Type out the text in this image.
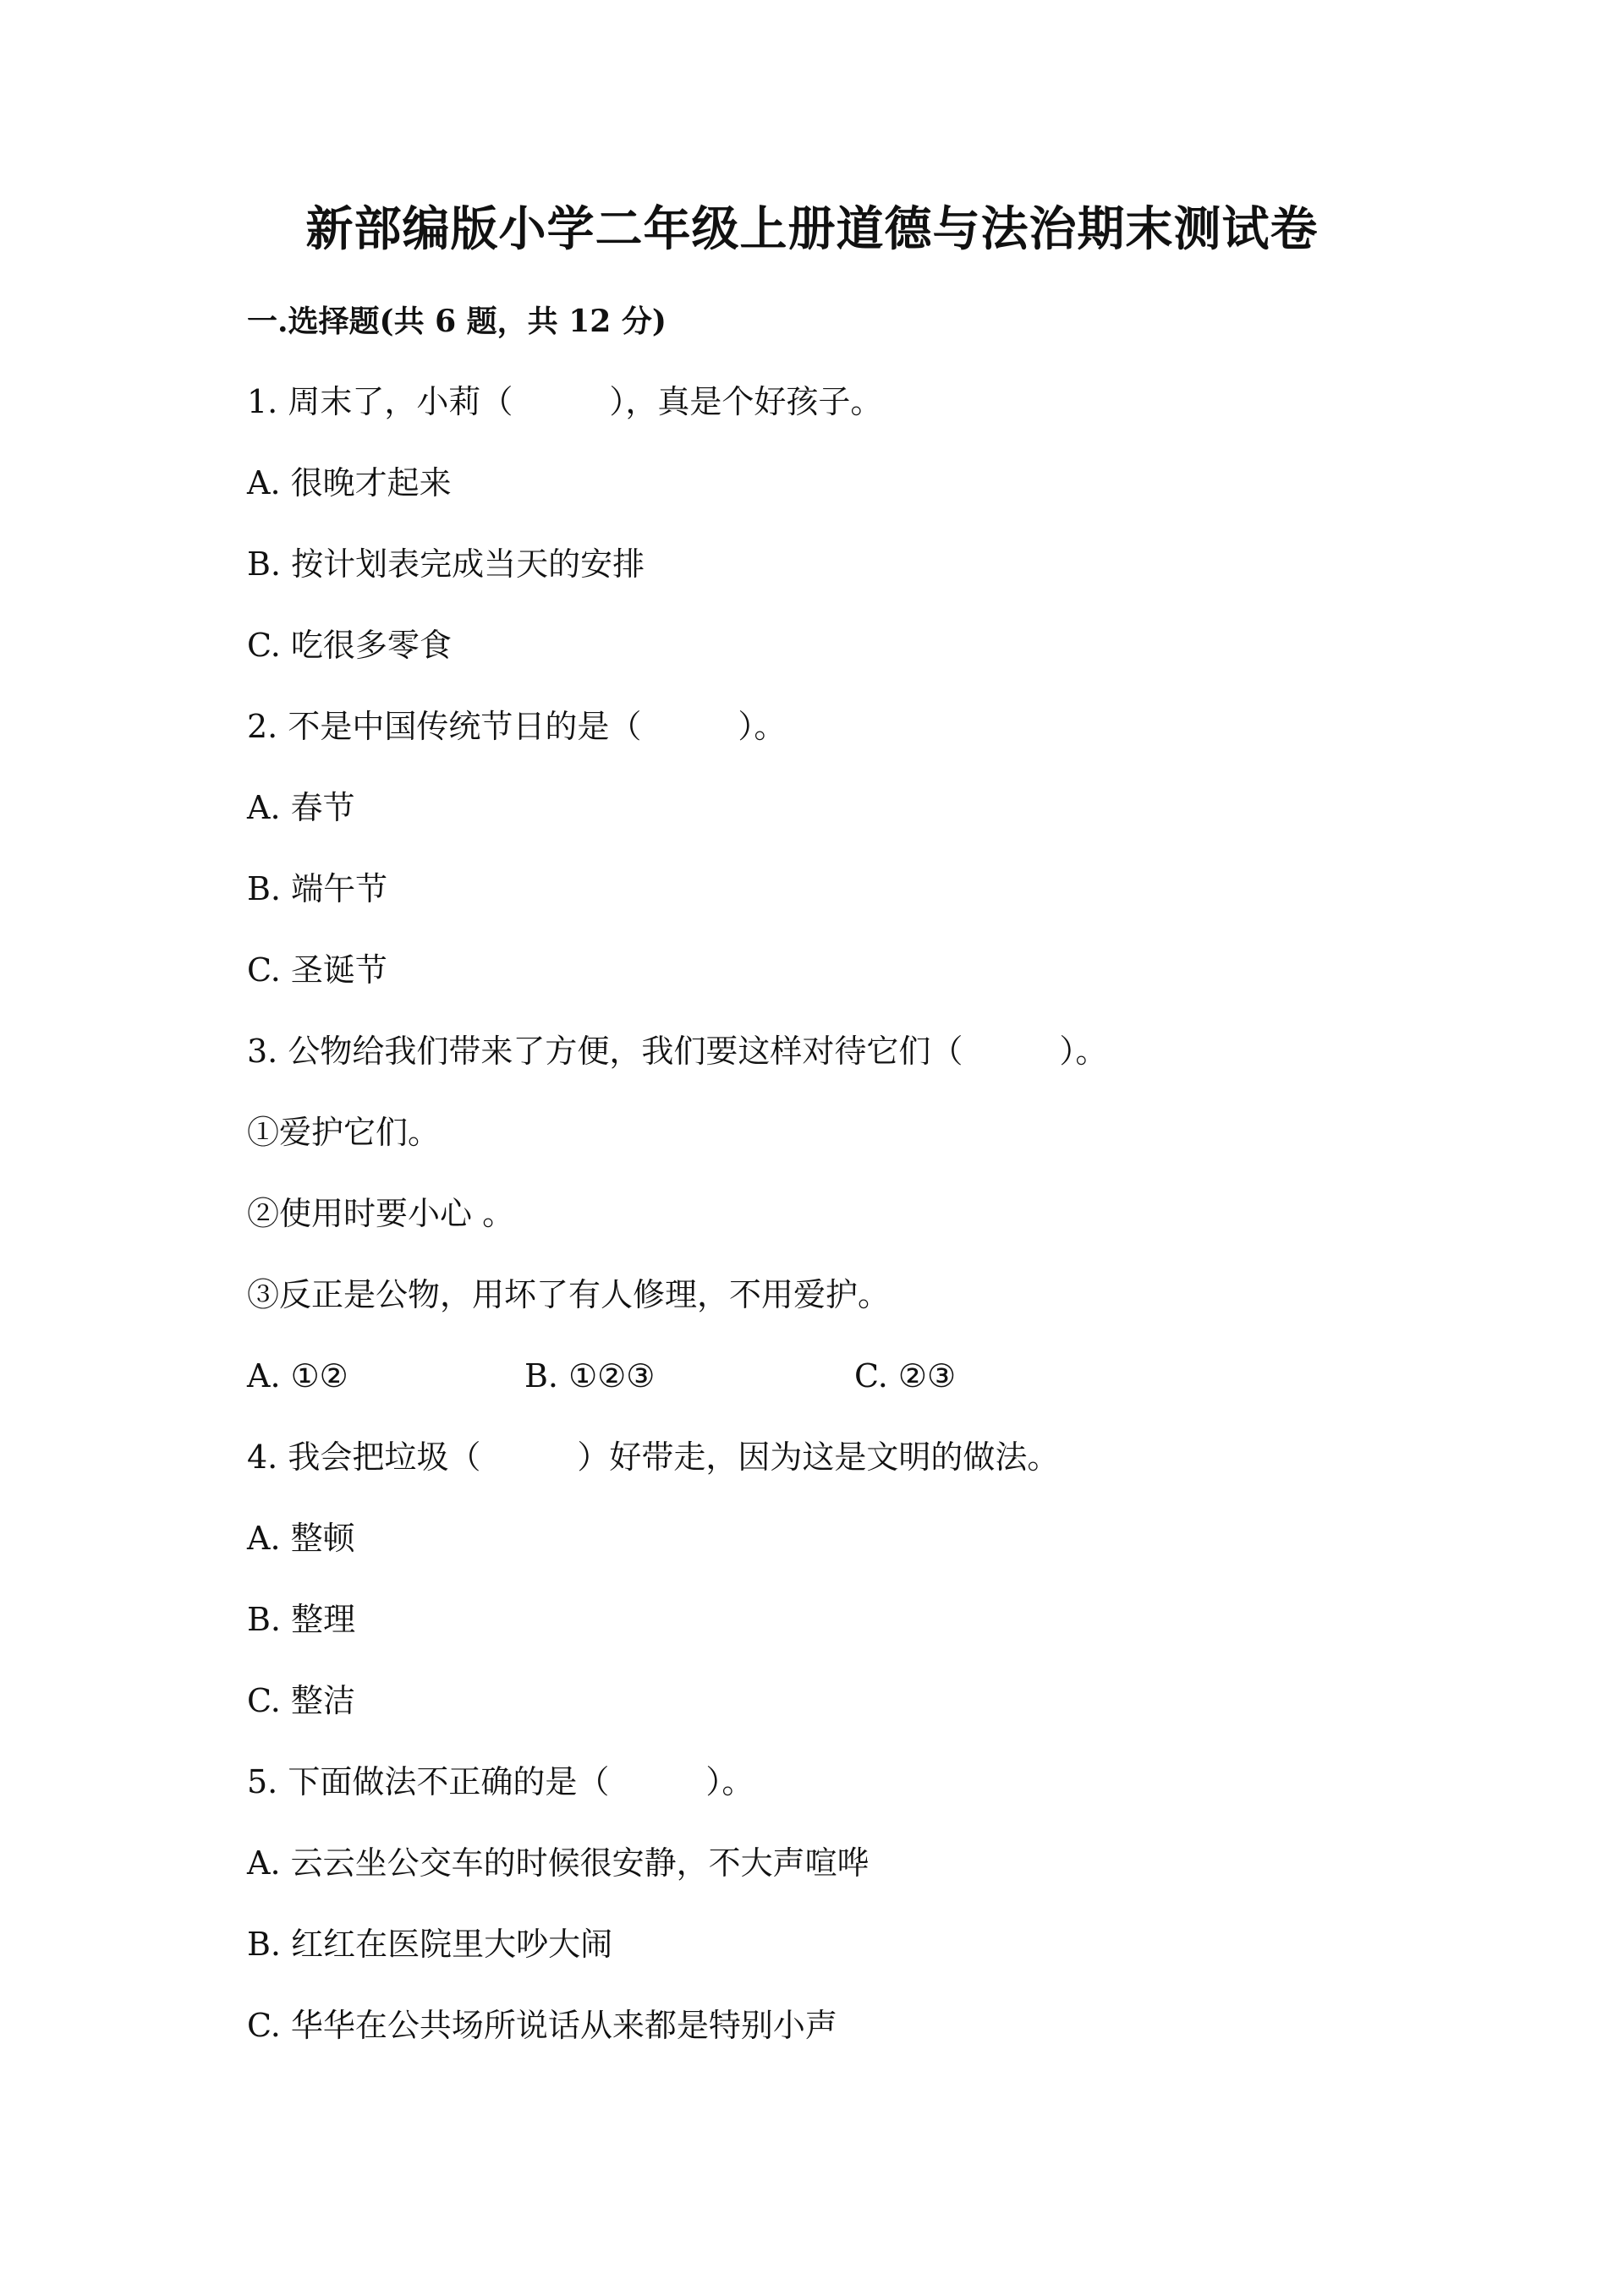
新部编版小学二年级上册道德与法治期末测试卷
一.选择题(共 6 题，共 12 分)
1. 周末了，小莉（　　　），真是个好孩子。
A. 很晚才起来
B. 按计划表完成当天的安排
C. 吃很多零食
2. 不是中国传统节日的是（　　　）。
A. 春节
B. 端午节
C. 圣诞节
3. 公物给我们带来了方便，我们要这样对待它们（　　　）。
①爱护它们。
②使用时要小心 。
③反正是公物，用坏了有人修理，不用爱护。
A. ①②	B. ①②③	C. ②③
4. 我会把垃圾（　　　）好带走，因为这是文明的做法。
A. 整顿
B. 整理
C. 整洁
5. 下面做法不正确的是（　　　）。
A. 云云坐公交车的时候很安静，不大声喧哗
B. 红红在医院里大吵大闹
C. 华华在公共场所说话从来都是特别小声
